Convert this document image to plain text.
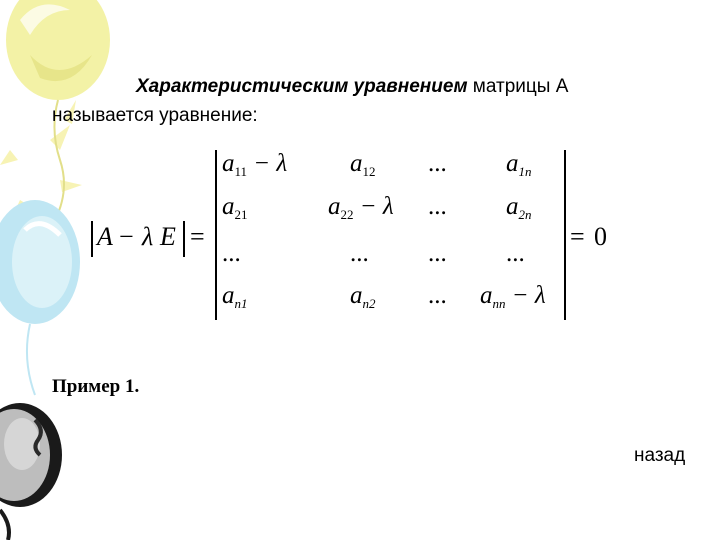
Характеристическим уравнением матрицы А
называется уравнение:
A − λ E =
$a_{11} - \lambda$	$a_{12}$ ... $a_{1n}$
$a_{21}$	$a_{22} - \lambda$ ... $a_{2n}$
...	... ... ...
$a_{n1}$	$a_{n2}$ ... $a_{nn} - \lambda$
= 0
Пример 1.
назад
